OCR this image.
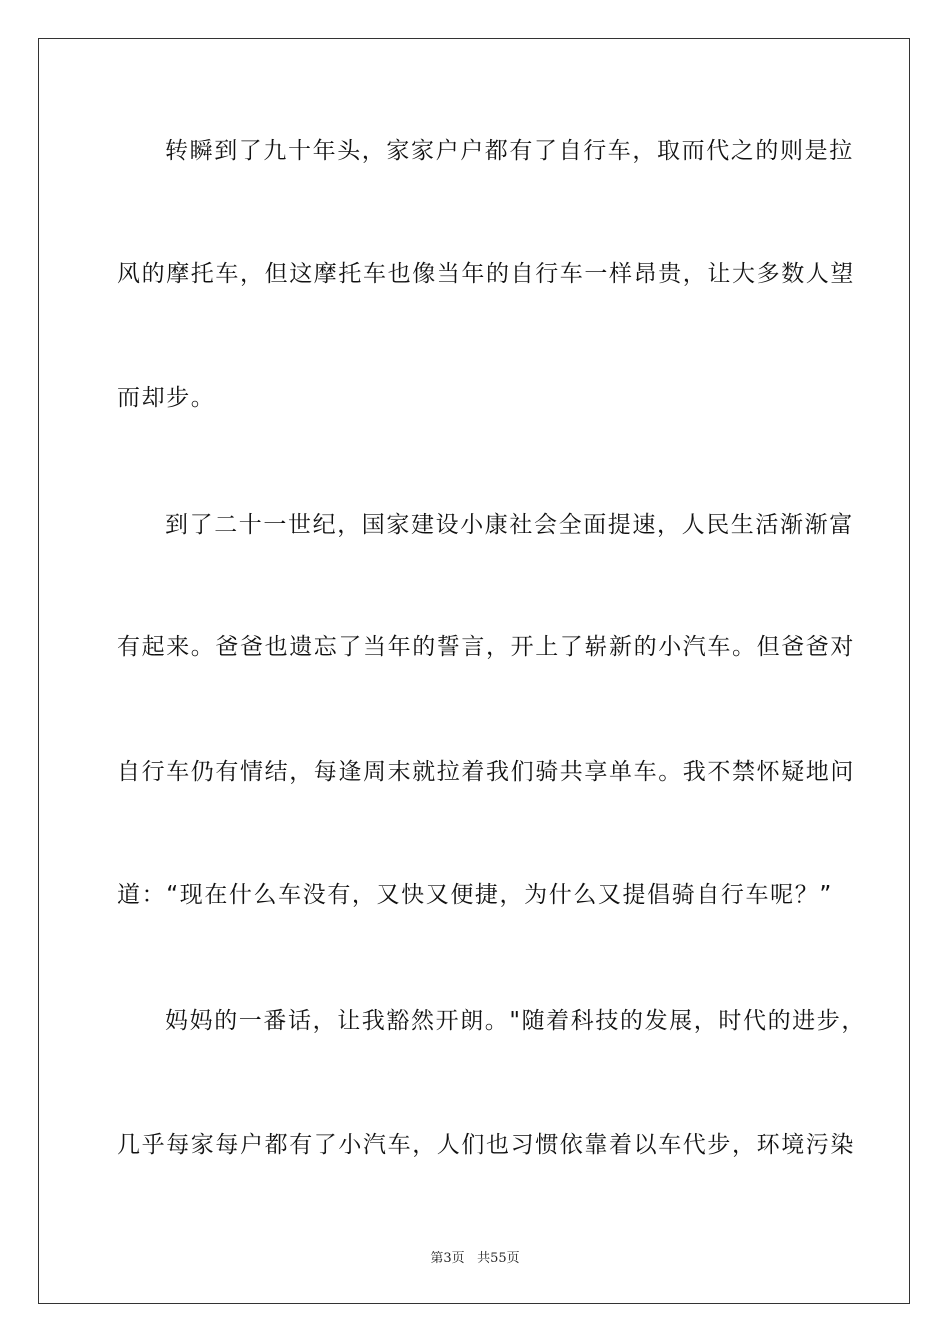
转瞬到了九十年头，家家户户都有了自行车，取而代之的则是拉
风的摩托车，但这摩托车也像当年的自行车一样昂贵，让大多数人望
而却步。
到了二十一世纪，国家建设小康社会全面提速，人民生活渐渐富
有起来。爸爸也遗忘了当年的誓言，开上了崭新的小汽车。但爸爸对
自行车仍有情结，每逢周末就拉着我们骑共享单车。我不禁怀疑地问
道：“现在什么车没有，又快又便捷，为什么又提倡骑自行车呢？”
妈妈的一番话，让我豁然开朗。"随着科技的发展，时代的进步，
几乎每家每户都有了小汽车，人们也习惯依靠着以车代步，环境污染
第3页 共55页
